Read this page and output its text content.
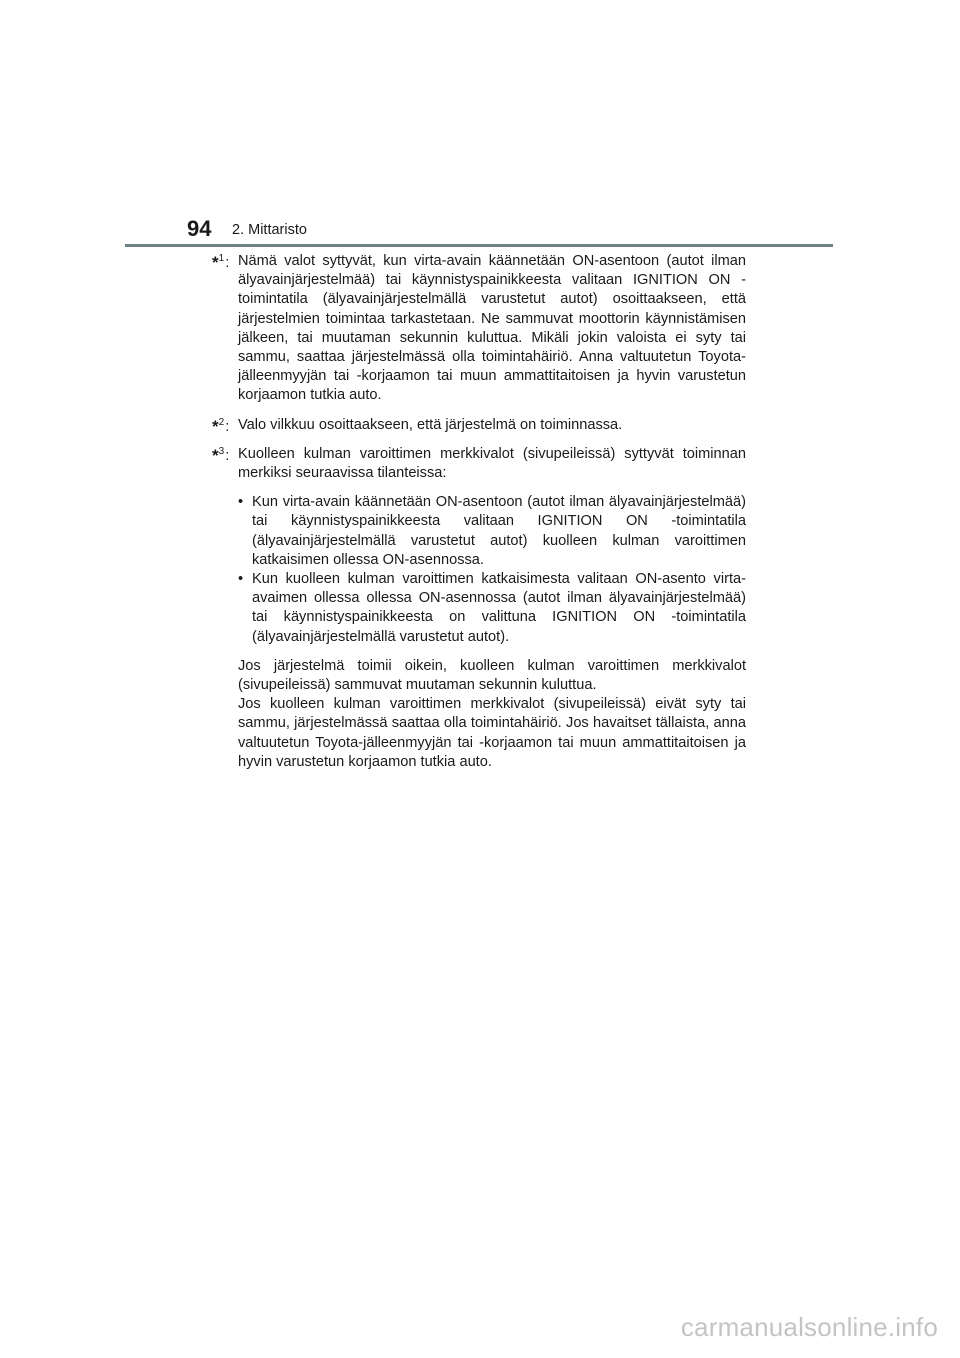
94 2. Mittaristo
*$^1$: Nämä valot syttyvät, kun virta-avain käännetään ON-asentoon (autot ilman älyavainjärjestelmää) tai käynnistyspainikkeesta valitaan IGNITION ON -toimintatila (älyavainjärjestelmällä varustetut autot) osoittaakseen, että järjestelmien toimintaa tarkastetaan. Ne sammuvat moottorin käynnistämisen jälkeen, tai muutaman sekunnin kuluttua. Mikäli jokin valoista ei syty tai sammu, saattaa järjestelmässä olla toimintahäiriö. Anna valtuutetun Toyota-jälleenmyyjän tai -korjaamon tai muun ammattitaitoisen ja hyvin varustetun korjaamon tutkia auto.

*$^2$: Valo vilkkuu osoittaakseen, että järjestelmä on toiminnassa.

*$^3$: Kuolleen kulman varoittimen merkkivalot (sivupeileissä) syttyvät toiminnan merkiksi seuraavissa tilanteissa:

• Kun virta-avain käännetään ON-asentoon (autot ilman älyavainjärjestelmää) tai käynnistyspainikkeesta valitaan IGNITION ON -toimintatila (älyavainjärjestelmällä varustetut autot) kuolleen kulman varoittimen katkaisimen ollessa ON-asennossa.
• Kun kuolleen kulman varoittimen katkaisimesta valitaan ON-asento virta-avaimen ollessa ollessa ON-asennossa (autot ilman älyavainjärjestelmää) tai käynnistyspainikkeesta on valittuna IGNITION ON -toimintatila (älyavainjärjestelmällä varustetut autot).

Jos järjestelmä toimii oikein, kuolleen kulman varoittimen merkkivalot (sivupeileissä) sammuvat muutaman sekunnin kuluttua.

Jos kuolleen kulman varoittimen merkkivalot (sivupeileissä) eivät syty tai sammu, järjestelmässä saattaa olla toimintahäiriö. Jos havaitset tällaista, anna valtuutetun Toyota-jälleenmyyjän tai -korjaamon tai muun ammattitaitoisen ja hyvin varustetun korjaamon tutkia auto.

carmanualsonline.info
